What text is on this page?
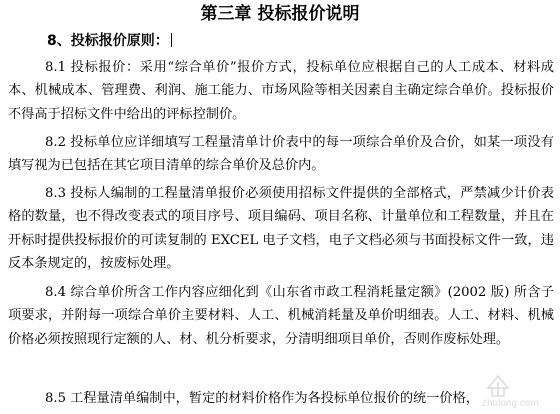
第三章 投标报价说明
8、投标报价原则：
8.1 投标报价：采用“综合单价”报价方式，投标单位应根据自己的人工成本、材料成本、机械成本、管理费、利润、施工能力、市场风险等相关因素自主确定综合单价。投标报价不得高于招标文件中给出的评标控制价。
8.2 投标单位应详细填写工程量清单计价表中的每一项综合单价及合价，如某一项没有填写视为已包括在其它项目清单的综合单价及总价内。
8.3 投标人编制的工程量清单报价必须使用招标文件提供的全部格式，严禁减少计价表格的数量，也不得改变表式的项目序号、项目编码、项目名称、计量单位和工程数量，并且在开标时提供投标报价的可读复制的 EXCEL 电子文档，电子文档必须与书面投标文件一致，违反本条规定的，按废标处理。
8.4 综合单价所含工作内容应细化到《山东省市政工程消耗量定额》(2002 版) 所含子项要求，并附每一项综合单价主要材料、人工、机械消耗量及单价明细表。人工、材料、机械价格必须按照现行定额的人、材、机分析要求，分清明细项目单价，否则作废标处理。
8.5 工程量清单编制中，暂定的材料价格作为各投标单位报价的统一价格， zhulong.com
